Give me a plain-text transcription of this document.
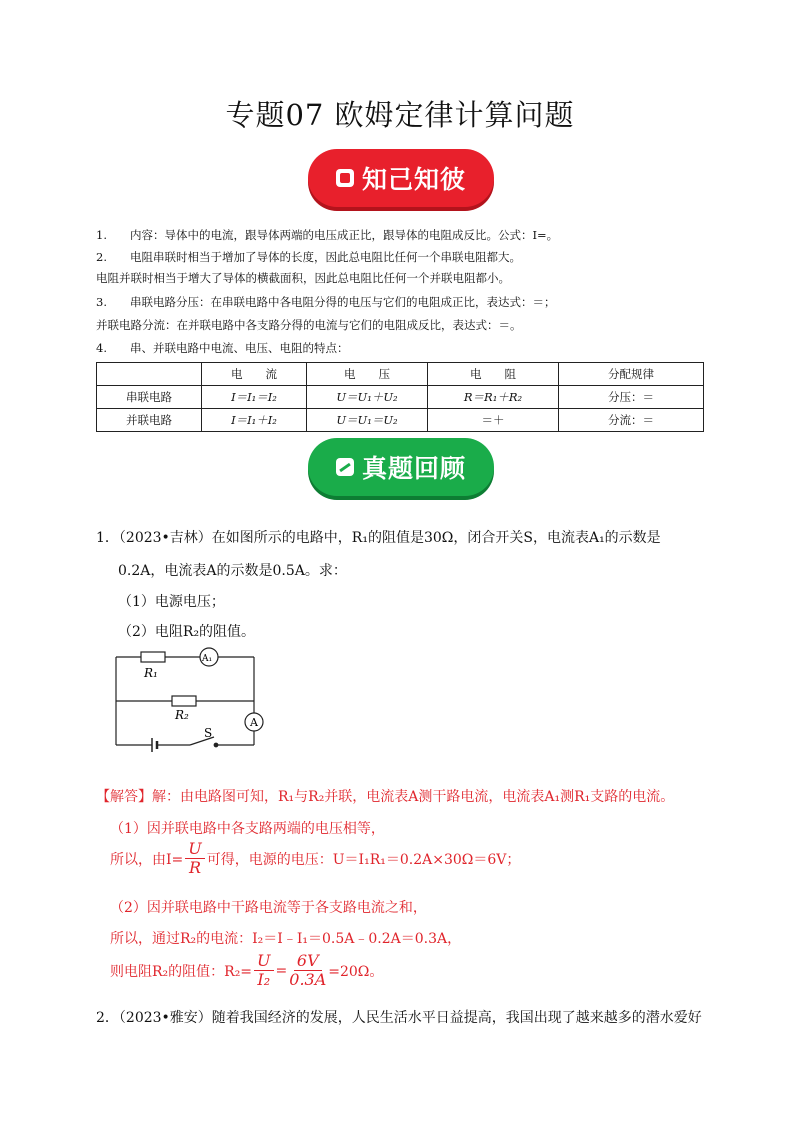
专题07 欧姆定律计算问题
知己知彼
1.　　内容：导体中的电流，跟导体两端的电压成正比，跟导体的电阻成反比。公式：I=。
2.　　电阻串联时相当于增加了导体的长度，因此总电阻比任何一个串联电阻都大。
电阻并联时相当于增大了导体的横截面积，因此总电阻比任何一个并联电阻都小。
3.　　串联电路分压：在串联电路中各电阻分得的电压与它们的电阻成正比，表达式：＝；
并联电路分流：在并联电路中各支路分得的电流与它们的电阻成反比，表达式：＝。
4.　　串、并联电路中电流、电压、电阻的特点：
	电　　流	电　　压	电　　阻	分配规律
串联电路	I＝I₁＝I₂	U＝U₁＋U₂	R＝R₁＋R₂	分压：＝
并联电路	I＝I₁＋I₂	U＝U₁＝U₂	＝＋	分流：＝
真题回顾
1．（2023•吉林）在如图所示的电路中，R₁的阻值是30Ω，闭合开关S，电流表A₁的示数是
0.2A，电流表A的示数是0.5A。求：
（1）电源电压；
（2）电阻R₂的阻值。
R₁
A₁
R₂
A
S
【解答】解：由电路图可知，R₁与R₂并联，电流表A测干路电流，电流表A₁测R₁支路的电流。
（1）因并联电路中各支路两端的电压相等，
所以，由$I= \frac{U}{R}$ 可得，电源的电压：U＝I₁R₁＝0.2A×30Ω＝6V；
（2）因并联电路中干路电流等于各支路电流之和，
所以，通过R₂的电流：I₂＝I﹣I₁＝0.5A﹣0.2A＝0.3A，
则电阻R₂的阻值：$R_2= \frac{U}{\text{I₂}} = \frac{6V}{0.3A} =20\Omega$。
2．（2023•雅安）随着我国经济的发展，人民生活水平日益提高，我国出现了越来越多的潜水爱好
